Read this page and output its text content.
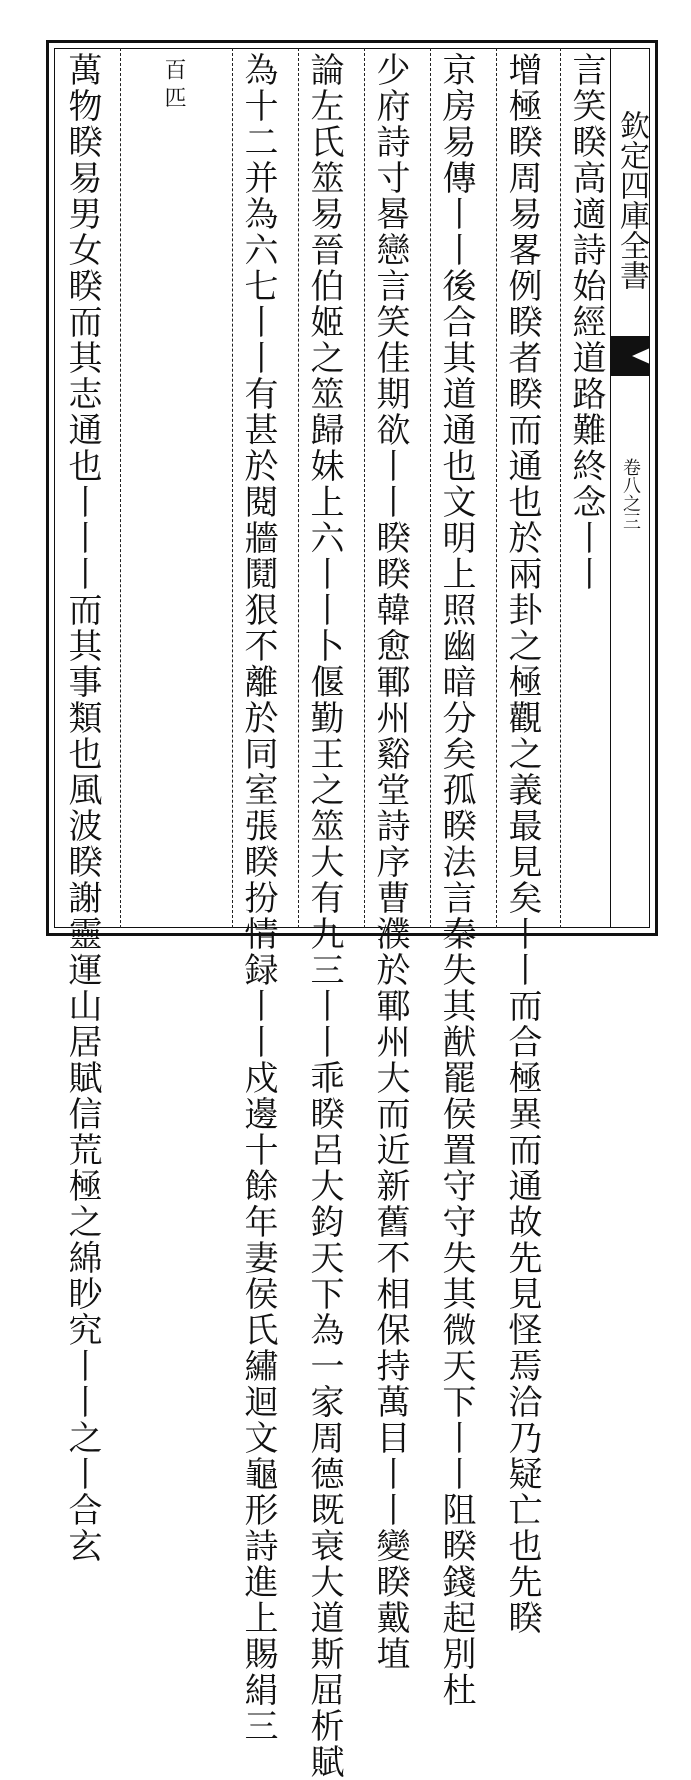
欽定四庫全書
卷八之三
言笑睽高適詩始經道路難終念丨丨
增極睽周易畧例睽者睽而通也於兩卦之極觀之義最見矣丨丨而合極異而通故先見怪焉洽乃疑亡也先睽
京房易傳丨丨後合其道通也文明上照幽暗分矣孤睽法言秦失其猷罷侯置守守失其微天下丨丨阻睽錢起別杜
少府詩寸晷戀言笑佳期欲丨丨睽睽韓愈鄆州谿堂詩序曹濮於鄆州大而近新舊不相保持萬目丨丨變睽戴埴
論左氏筮易晉伯姬之筮歸妹上六丨丨卜偃勤王之筮大有九三丨丨乖睽呂大鈞天下為一家周德既衰大道斯屈析賦
為十二并為六七丨丨有甚於閱牆鬩狠不離於同室張睽扮情録丨丨戍邊十餘年妻侯氏繡迴文龜形詩進上賜絹三
百匹
萬物睽易男女睽而其志通也丨丨丨而其事類也風波睽謝靈運山居賦信荒極之綿眇究丨丨之丨合玄
